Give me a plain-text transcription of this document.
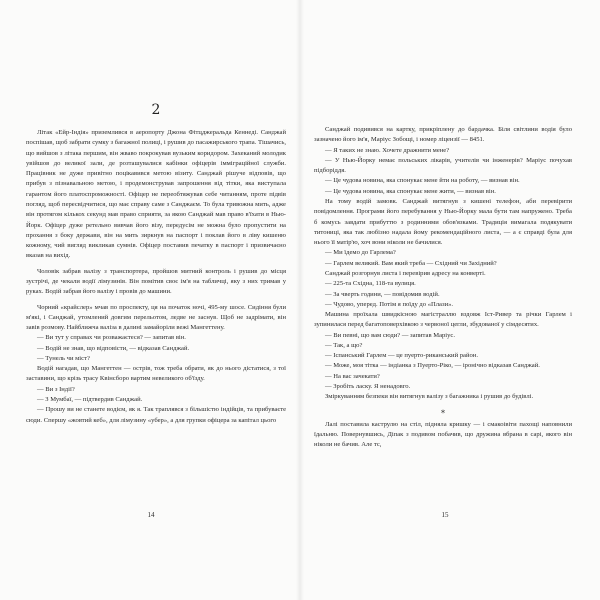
2

Літак «Ейр-Індія» приземлився в аеропорту Джона Фітцджеральда Кеннеді. Санджай поспішав, щоб забрати сумку з багажної полиці, і рушив до пасажирського трапа. Тішачись, що вийшов з літака першим, він жваво покрокував вузьким коридором. Захеканий молодик увійшов до великої зали, де розташувалися кабінки офіцерів імміграційної служби. Працівник не дуже привітно поцікавився метою візиту. Санджай рішуче відповів, що прибув з пізнавальною метою, і продемонстрував запрошення від тітки, яка виступала гарантом його платоспроможності. Офіцер не переобтяжував себе читанням, проте підвів погляд, щоб пересвідчитися, що має справу саме з Санджаєм. То була тривожна мить, адже він протягом кількох секунд мав право сприяти, за якою Санджай мав право в'їхати в Нью-Йорк. Офіцер дуже ретельно вивчав його візу, передусім не можна було пропустити на прохання з боку держави, він на мить зиркнув на паспорт і поклав його в ліву кишеню кожному, чий вигляд викликав сумнів. Офіцер поставив печатку в паспорт і призвичаєно вказав на вихід.

Чоловік забрав валізу з транспортера, пройшов митний контроль і рушив до місця зустрічі, де чекали водії лімузинів. Він помітив своє ім'я на табличці, яку з них тримав у руках. Водій забрав його валізу і провів до машини.

Чорний «крайслер» мчав по проспекту, ця на початок ночі, 495-му шосе. Сидіння були м'які, і Санджай, утомлений довгим перельотом, ледве не заснув. Щоб не задрімати, він завів розмову. Найближча валіза в далині замайоріли вежі Мангеттену.

— Ви тут у справах чи розважаєтеся? — запитав він.

— Водій не знав, що відповісти, — відказав Санджай.

— Тунель чи міст?

Водій нагадав, що Мангеттен — острів, тож треба обрати, як до нього дістатися, з тої заставини, що крізь трасу Квінсборо вартим невеликого об'їзду.

— Ви з Індії?

— З Мумбаї, — підтвердив Санджай.

— Прошу ви не станете водієм, як я. Так траплявся з більшістю індійців, та прибуваєте сюди. Спершу «жовтий кеб», для лімузину «убер», а для групки офіцера за капітал цього

14

Санджай подивився на картку, прикріплену до бардачка. Біля світлини водія було зазначено його ім'я, Маріус Зобощі, і номер ліцензії — 8451.

— Я таких не знаю. Хочете дражнити мене?

— У Нью-Йорку немає польських лікарів, учителів чи інженерів? Маріус почухав підборіддя.

— Це чудова новина, яка спонукає мене йти на роботу, — визнав він.

— Це чудова новина, яка спонукає мене жити, — визнав він.

На тому водій замовк. Санджай витягнув з кишені телефон, аби перевірити повідомлення. Програми його перебування у Нью-Йорку мала бути там напружено. Треба б комусь завдати прибуттю з родинними обов'язками. Традиція вимагала подякувати титониці, яка так любізно надала йому рекомендаційного листа, — а є справді була для нього її матір'ю, хоч вони ніколи не бачилися.

— Ми їдемо до Гарлема?

— Гарлем великий. Вам який треба — Східний чи Західний?

Санджай розгорнув листа і перевірив адресу на конверті.

— 225-та Східна, 118-та вулиця.

— За чверть години, — повідомив водій.

— Чудово, уперед. Потім я поїду до «Плази».

Машина проїхала швидкісною магістраллю вздовж Іст-Ривер та річки Гарлем і зупинилася перед багатоповерхівкою з червоної цегли, збудованої у сімдесятих.

— Ви певні, що вам сюди? — запитав Маріус.

— Так, а що?

— Іспанський Гарлем — це пуерто-риканський район.

— Може, моя тітка — індіанка з Пуерто-Ріко, — іронічно відказав Санджай.

— На вас зачекати?

— Зробіть ласку. Я ненадовго.

Зміркуванням безпеки він витягнув валізу з багажника і рушив до будівлі.

*

Лалі поставила каструлю на стіл, підняла кришку — і смакоівіти пахощі наповнили їдальню. Повернувшись, Діпак з подивом побачив, що дружина вбрана в сарі, якого він ніколи не бачив. Але тс,

15
